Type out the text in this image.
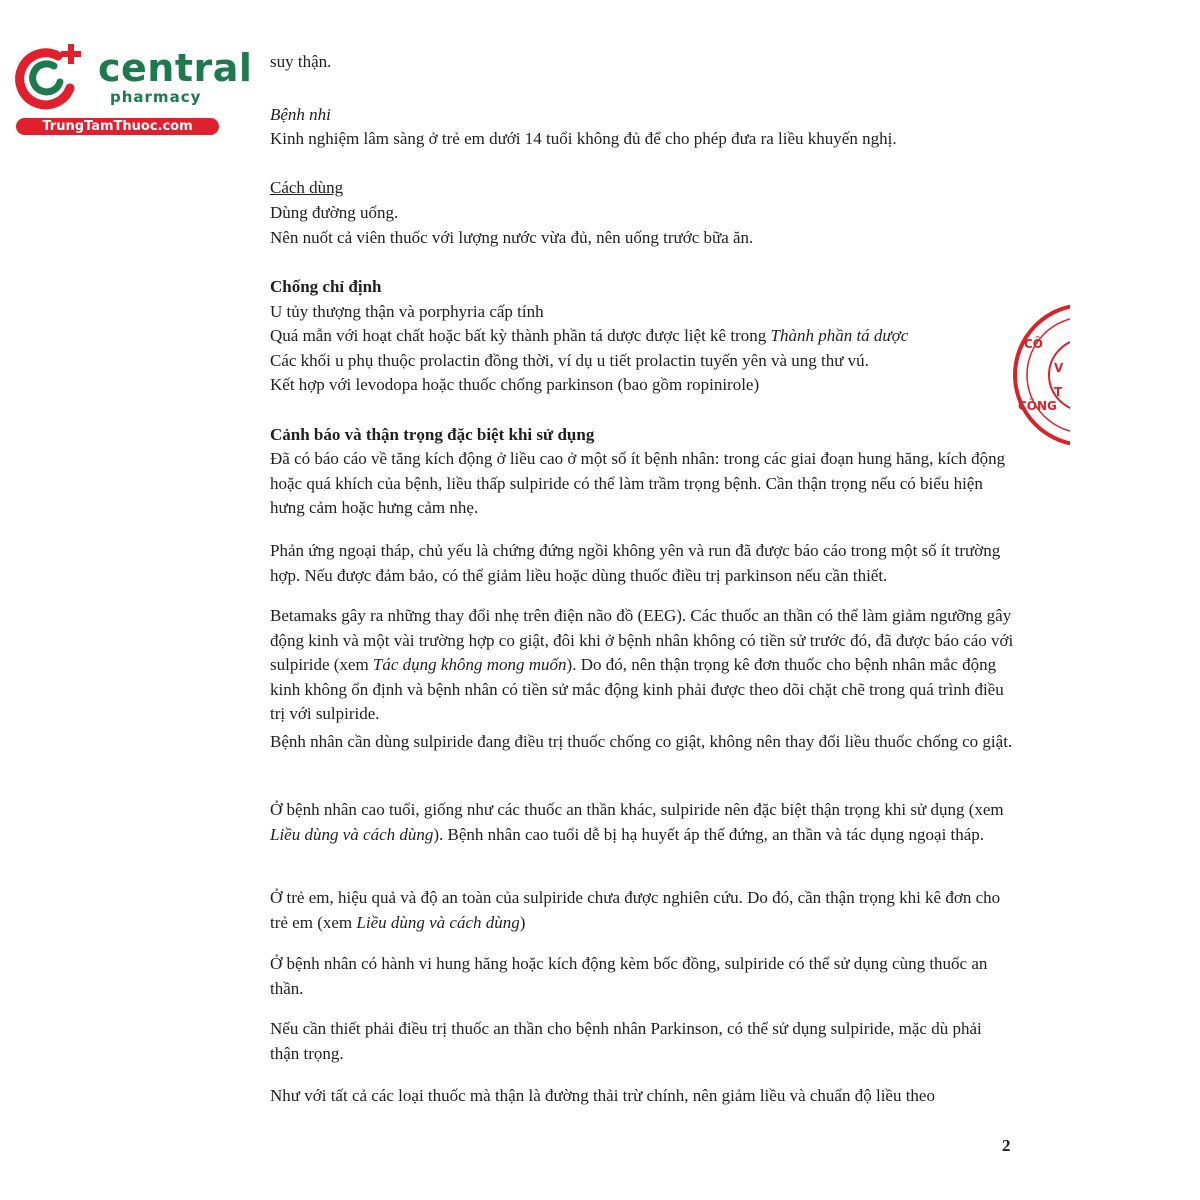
central
pharmacy
TrungTamThuoc.com
CÔ
CÔNG
V
T

suy thận.

Bệnh nhi

Kinh nghiệm lâm sàng ở trẻ em dưới 14 tuổi không đủ để cho phép đưa ra liều khuyến nghị.

Cách dùng

Dùng đường uống.

Nên nuốt cả viên thuốc với lượng nước vừa đủ, nên uống trước bữa ăn.

Chống chỉ định

U tủy thượng thận và porphyria cấp tính

Quá mẫn với hoạt chất hoặc bất kỳ thành phần tá dược được liệt kê trong Thành phần tá dược

Các khối u phụ thuộc prolactin đồng thời, ví dụ u tiết prolactin tuyến yên và ung thư vú.

Kết hợp với levodopa hoặc thuốc chống parkinson (bao gồm ropinirole)

Cảnh báo và thận trọng đặc biệt khi sử dụng

Đã có báo cáo về tăng kích động ở liều cao ở một số ít bệnh nhân: trong các giai đoạn hung hăng, kích động hoặc quá khích của bệnh, liều thấp sulpiride có thể làm trầm trọng bệnh. Cần thận trọng nếu có biểu hiện hưng cảm hoặc hưng cảm nhẹ.

Phản ứng ngoại tháp, chủ yếu là chứng đứng ngồi không yên và run đã được báo cáo trong một số ít trường hợp. Nếu được đảm bảo, có thể giảm liều hoặc dùng thuốc điều trị parkinson nếu cần thiết.

Betamaks gây ra những thay đổi nhẹ trên điện não đồ (EEG). Các thuốc an thần có thể làm giảm ngưỡng gây động kinh và một vài trường hợp co giật, đôi khi ở bệnh nhân không có tiền sử trước đó, đã được báo cáo với sulpiride (xem Tác dụng không mong muốn). Do đó, nên thận trọng kê đơn thuốc cho bệnh nhân mắc động kinh không ổn định và bệnh nhân có tiền sử mắc động kinh phải được theo dõi chặt chẽ trong quá trình điều trị với sulpiride.

Bệnh nhân cần dùng sulpiride đang điều trị thuốc chống co giật, không nên thay đổi liều thuốc chống co giật.

Ở bệnh nhân cao tuổi, giống như các thuốc an thần khác, sulpiride nên đặc biệt thận trọng khi sử dụng (xem Liều dùng và cách dùng). Bệnh nhân cao tuổi dễ bị hạ huyết áp thế đứng, an thần và tác dụng ngoại tháp.

Ở trẻ em, hiệu quả và độ an toàn của sulpiride chưa được nghiên cứu. Do đó, cần thận trọng khi kê đơn cho trẻ em (xem Liều dùng và cách dùng)

Ở bệnh nhân có hành vi hung hăng hoặc kích động kèm bốc đồng, sulpiride có thể sử dụng cùng thuốc an thần.

Nếu cần thiết phải điều trị thuốc an thần cho bệnh nhân Parkinson, có thể sử dụng sulpiride, mặc dù phải thận trọng.

Như với tất cả các loại thuốc mà thận là đường thải trừ chính, nên giảm liều và chuẩn độ liều theo

2
